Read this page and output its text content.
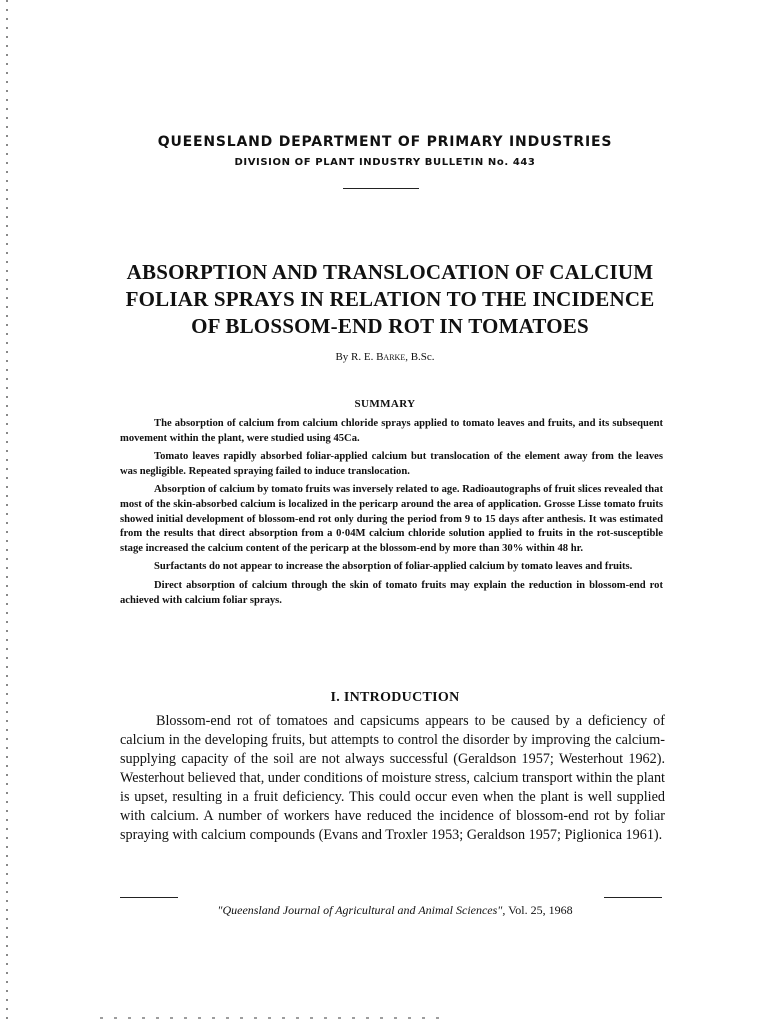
QUEENSLAND DEPARTMENT OF PRIMARY INDUSTRIES
DIVISION OF PLANT INDUSTRY BULLETIN No. 443
ABSORPTION AND TRANSLOCATION OF CALCIUM
FOLIAR SPRAYS IN RELATION TO THE INCIDENCE
OF BLOSSOM-END ROT IN TOMATOES
By R. E. Barke, B.Sc.
SUMMARY

The absorption of calcium from calcium chloride sprays applied to tomato leaves and fruits, and its subsequent movement within the plant, were studied using 45Ca.

Tomato leaves rapidly absorbed foliar-applied calcium but translocation of the element away from the leaves was negligible. Repeated spraying failed to induce translocation.

Absorption of calcium by tomato fruits was inversely related to age. Radioautographs of fruit slices revealed that most of the skin-absorbed calcium is localized in the pericarp around the area of application. Grosse Lisse tomato fruits showed initial development of blossom-end rot only during the period from 9 to 15 days after anthesis. It was estimated from the results that direct absorption from a 0·04M calcium chloride solution applied to fruits in the rot-susceptible stage increased the calcium content of the pericarp at the blossom-end by more than 30% within 48 hr.

Surfactants do not appear to increase the absorption of foliar-applied calcium by tomato leaves and fruits.

Direct absorption of calcium through the skin of tomato fruits may explain the reduction in blossom-end rot achieved with calcium foliar sprays.

I. INTRODUCTION

Blossom-end rot of tomatoes and capsicums appears to be caused by a deficiency of calcium in the developing fruits, but attempts to control the disorder by improving the calcium-supplying capacity of the soil are not always successful (Geraldson 1957; Westerhout 1962). Westerhout believed that, under conditions of moisture stress, calcium transport within the plant is upset, resulting in a fruit deficiency. This could occur even when the plant is well supplied with calcium. A number of workers have reduced the incidence of blossom-end rot by foliar spraying with calcium compounds (Evans and Troxler 1953; Geraldson 1957; Piglionica 1961).

"Queensland Journal of Agricultural and Animal Sciences", Vol. 25, 1968
